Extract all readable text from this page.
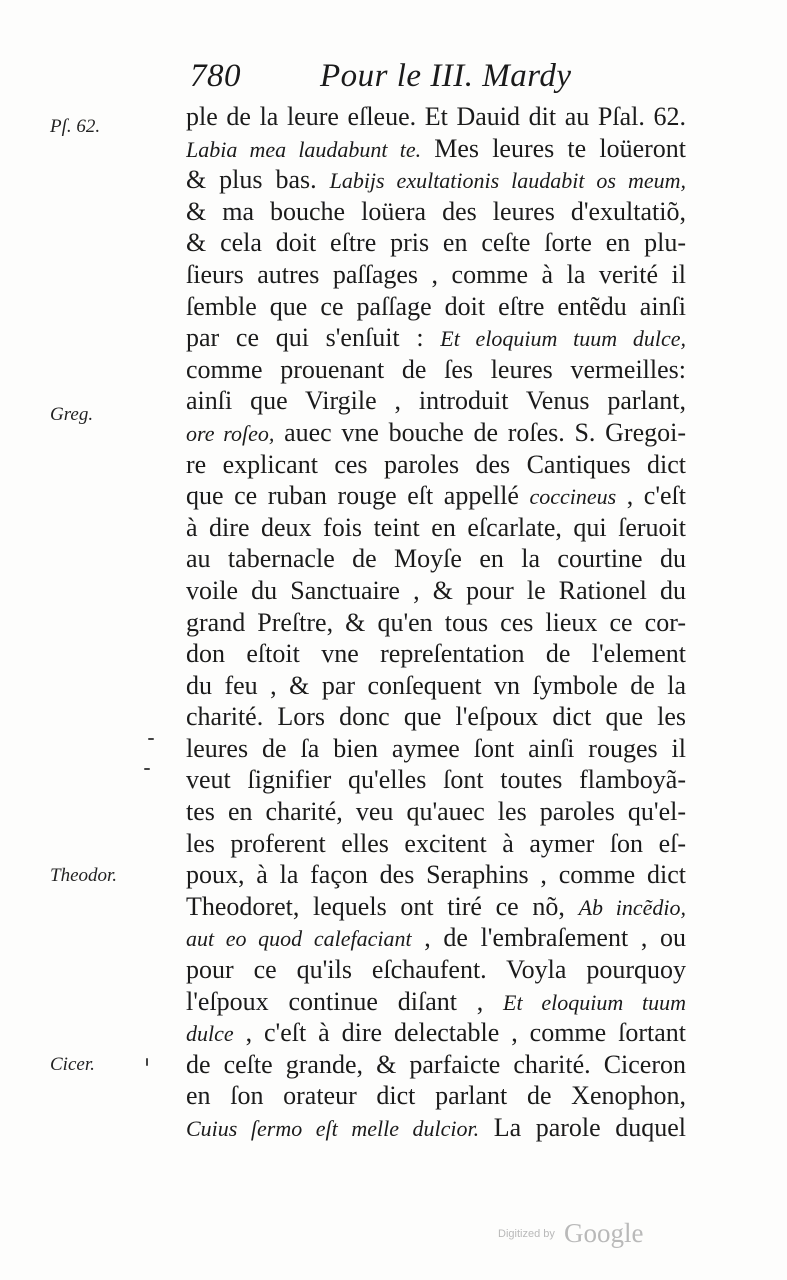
780 Pour le III. Mardy
Pſ. 62.
Greg.
Theodor.
Cicer.
ple de la leure eſleue. Et Dauid dit au Pſal. 62.
Labia mea laudabunt te. Mes leures te loüeront
& plus bas. Labijs exultationis laudabit os meum,
& ma bouche loüera des leures d'exultatiõ,
& cela doit eſtre pris en ceſte ſorte en plu-
ſieurs autres paſſages , comme à la verité il
ſemble que ce paſſage doit eſtre entẽdu ainſi
par ce qui s'enſuit : Et eloquium tuum dulce,
comme prouenant de ſes leures vermeilles:
ainſi que Virgile , introduit Venus parlant,
ore roſeo, auec vne bouche de roſes. S. Gregoi-
re explicant ces paroles des Cantiques dict
que ce ruban rouge eſt appellé coccineus , c'eſt
à dire deux fois teint en eſcarlate, qui ſeruoit
au tabernacle de Moyſe en la courtine du
voile du Sanctuaire , & pour le Rationel du
grand Preſtre, & qu'en tous ces lieux ce cor-
don eſtoit vne repreſentation de l'element
du feu , & par conſequent vn ſymbole de la
charité. Lors donc que l'eſpoux dict que les
leures de ſa bien aymee ſont ainſi rouges il
veut ſignifier qu'elles ſont toutes flamboyã-
tes en charité, veu qu'auec les paroles qu'el-
les proferent elles excitent à aymer ſon eſ-
poux, à la façon des Seraphins , comme dict
Theodoret, lequels ont tiré ce nõ, Ab incẽdio,
aut eo quod calefaciant , de l'embraſement , ou
pour ce qu'ils eſchaufent. Voyla pourquoy
l'eſpoux continue diſant , Et eloquium tuum
dulce , c'eſt à dire delectable , comme ſortant
de ceſte grande, & parfaicte charité. Ciceron
en ſon orateur dict parlant de Xenophon,
Cuius ſermo eſt melle dulcior. La parole duquel
Digitized by Google
